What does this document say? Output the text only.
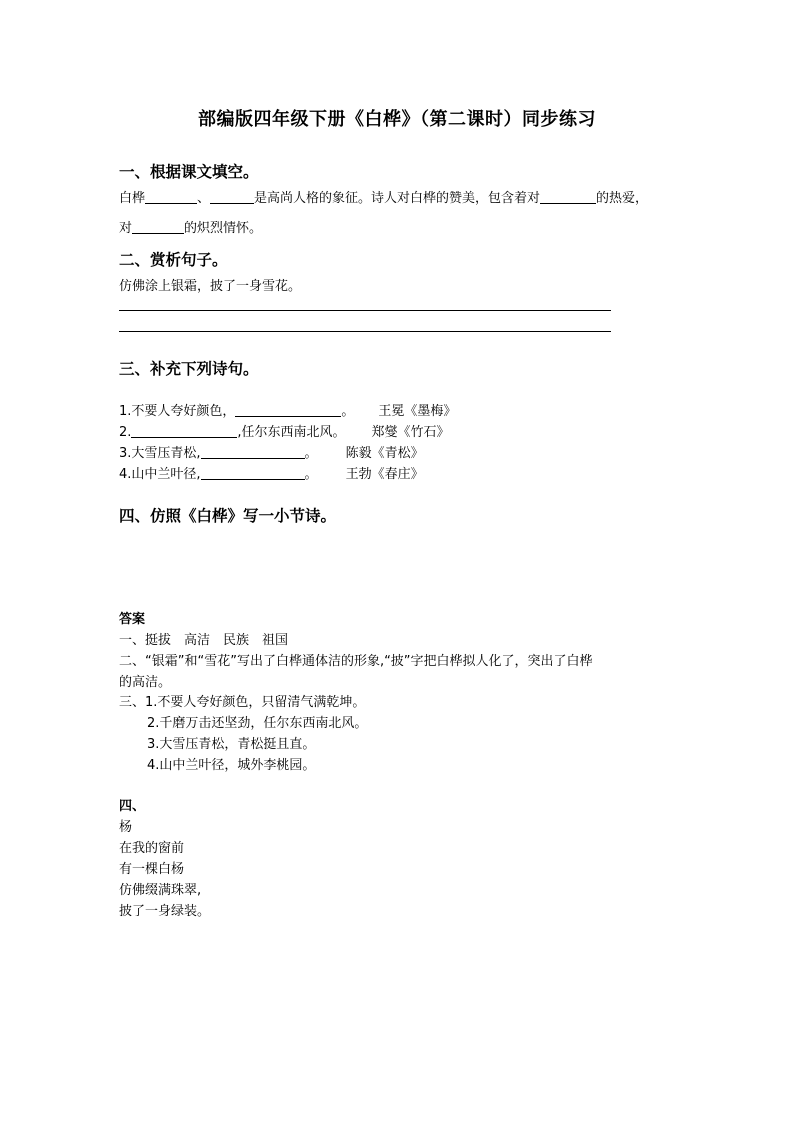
部编版四年级下册《白桦》（第二课时）同步练习
一、根据课文填空。
白桦	、	是高尚人格的象征。诗人对白桦的赞美，包含着对	的热爱，
对	的炽烈情怀。
二、赏析句子。
仿佛涂上银霜，披了一身雪花。
三、补充下列诗句。
1.不要人夸好颜色，	。 王冕《墨梅》
2.	,任尔东西南北风。 郑燮《竹石》
3.大雪压青松,	。 陈毅《青松》
4.山中兰叶径,	。 王勃《春庄》
四、仿照《白桦》写一小节诗。
答案
一、挺拔　高洁　民族　祖国
二、“银霜”和“雪花”写出了白桦通体洁的形象,“披”字把白桦拟人化了，突出了白桦
的高洁。
三、1.不要人夸好颜色，只留清气满乾坤。
2.千磨万击还坚劲，任尔东西南北风。
3.大雪压青松，青松挺且直。
4.山中兰叶径，城外李桃园。
四、
杨
在我的窗前
有一棵白杨
仿佛缀满珠翠,
披了一身绿装。
